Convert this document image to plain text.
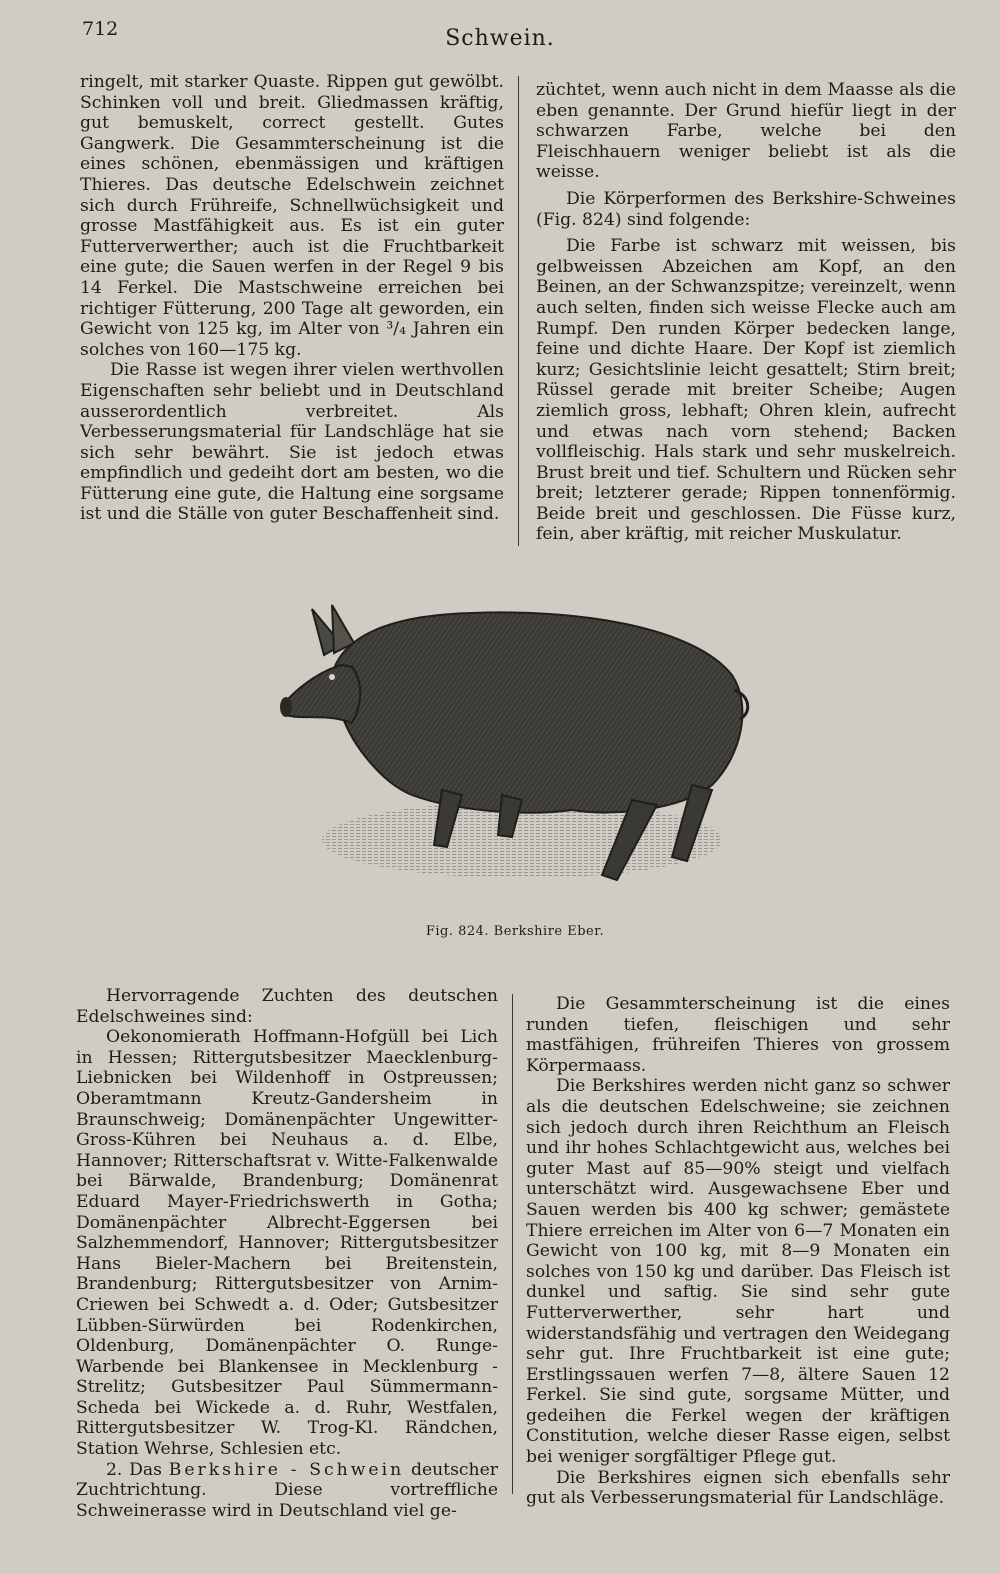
712	Schwein.

ringelt, mit starker Quaste. Rippen gut gewölbt. Schinken voll und breit. Gliedmassen kräftig, gut bemuskelt, correct gestellt. Gutes Gangwerk. Die Gesammterscheinung ist die eines schönen, ebenmässigen und kräftigen Thieres. Das deutsche Edelschwein zeichnet sich durch Frühreife, Schnellwüchsigkeit und grosse Mastfähigkeit aus. Es ist ein guter Futterverwerther; auch ist die Fruchtbarkeit eine gute; die Sauen werfen in der Regel 9 bis 14 Ferkel. Die Mastschweine erreichen bei richtiger Fütterung, 200 Tage alt geworden, ein Gewicht von 125 kg, im Alter von ³/₄ Jahren ein solches von 160—175 kg.

Die Rasse ist wegen ihrer vielen werthvollen Eigenschaften sehr beliebt und in Deutschland ausserordentlich verbreitet. Als Verbesserungsmaterial für Landschläge hat sie sich sehr bewährt. Sie ist jedoch etwas empfindlich und gedeiht dort am besten, wo die Fütterung eine gute, die Haltung eine sorgsame ist und die Ställe von guter Beschaffenheit sind.

züchtet, wenn auch nicht in dem Maasse als die eben genannte. Der Grund hiefür liegt in der schwarzen Farbe, welche bei den Fleischhauern weniger beliebt ist als die weisse.

Die Körperformen des Berkshire-Schweines (Fig. 824) sind folgende:

Die Farbe ist schwarz mit weissen, bis gelbweissen Abzeichen am Kopf, an den Beinen, an der Schwanzspitze; vereinzelt, wenn auch selten, finden sich weisse Flecke auch am Rumpf. Den runden Körper bedecken lange, feine und dichte Haare. Der Kopf ist ziemlich kurz; Gesichtslinie leicht gesattelt; Stirn breit; Rüssel gerade mit breiter Scheibe; Augen ziemlich gross, lebhaft; Ohren klein, aufrecht und etwas nach vorn stehend; Backen vollfleischig. Hals stark und sehr muskelreich. Brust breit und tief. Schultern und Rücken sehr breit; letzterer gerade; Rippen tonnenförmig. Beide breit und geschlossen. Die Füsse kurz, fein, aber kräftig, mit reicher Muskulatur.

Fig. 824. Berkshire Eber.

Hervorragende Zuchten des deutschen Edelschweines sind:

Oekonomierath Hoffmann-Hofgüll bei Lich in Hessen; Rittergutsbesitzer Maecklenburg-Liebnicken bei Wildenhoff in Ostpreussen; Oberamtmann Kreutz-Gandersheim in Braunschweig; Domänenpächter Ungewitter-Gross-Kühren bei Neuhaus a. d. Elbe, Hannover; Ritterschaftsrat v. Witte-Falkenwalde bei Bärwalde, Brandenburg; Domänenrat Eduard Mayer-Friedrichswerth in Gotha; Domänenpächter Albrecht-Eggersen bei Salzhemmendorf, Hannover; Rittergutsbesitzer Hans Bieler-Machern bei Breitenstein, Brandenburg; Rittergutsbesitzer von Arnim-Criewen bei Schwedt a. d. Oder; Gutsbesitzer Lübben-Sürwürden bei Rodenkirchen, Oldenburg, Domänenpächter O. Runge-Warbende bei Blankensee in Mecklenburg - Strelitz; Gutsbesitzer Paul Sümmermann-Scheda bei Wickede a. d. Ruhr, Westfalen, Rittergutsbesitzer W. Trog-Kl. Rändchen, Station Wehrse, Schlesien etc.

2. Das Berkshire - Schwein deutscher Zuchtrichtung. Diese vortreffliche Schweinerasse wird in Deutschland viel ge-

Die Gesammterscheinung ist die eines runden tiefen, fleischigen und sehr mastfähigen, frühreifen Thieres von grossem Körpermaass.

Die Berkshires werden nicht ganz so schwer als die deutschen Edelschweine; sie zeichnen sich jedoch durch ihren Reichthum an Fleisch und ihr hohes Schlachtgewicht aus, welches bei guter Mast auf 85—90% steigt und vielfach unterschätzt wird. Ausgewachsene Eber und Sauen werden bis 400 kg schwer; gemästete Thiere erreichen im Alter von 6—7 Monaten ein Gewicht von 100 kg, mit 8—9 Monaten ein solches von 150 kg und darüber. Das Fleisch ist dunkel und saftig. Sie sind sehr gute Futterverwerther, sehr hart und widerstandsfähig und vertragen den Weidegang sehr gut. Ihre Fruchtbarkeit ist eine gute; Erstlingssauen werfen 7—8, ältere Sauen 12 Ferkel. Sie sind gute, sorgsame Mütter, und gedeihen die Ferkel wegen der kräftigen Constitution, welche dieser Rasse eigen, selbst bei weniger sorgfältiger Pflege gut.

Die Berkshires eignen sich ebenfalls sehr gut als Verbesserungsmaterial für Landschläge.
